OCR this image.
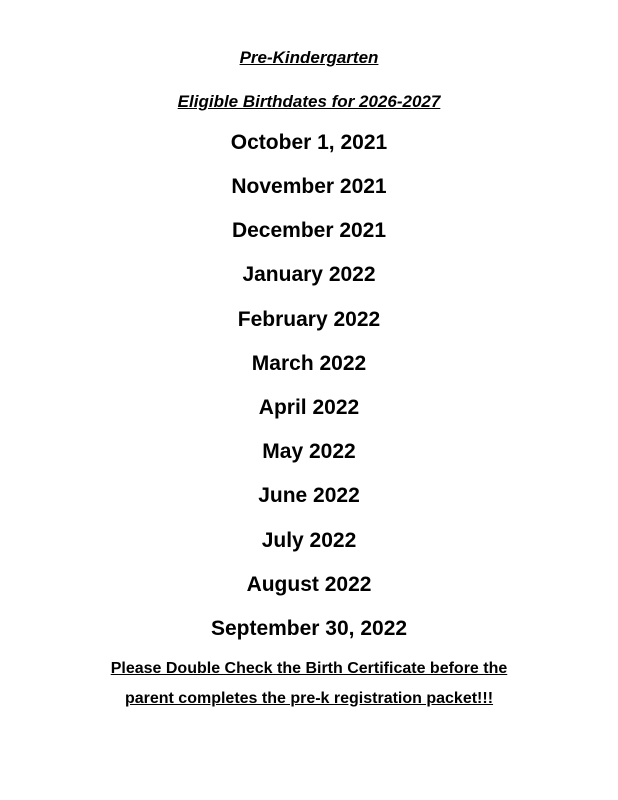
Pre-Kindergarten
Eligible Birthdates for 2026-2027
October 1, 2021
November 2021
December 2021
January 2022
February 2022
March 2022
April 2022
May 2022
June 2022
July 2022
August 2022
September 30, 2022
Please Double Check the Birth Certificate before the
parent completes the pre-k registration packet!!!
